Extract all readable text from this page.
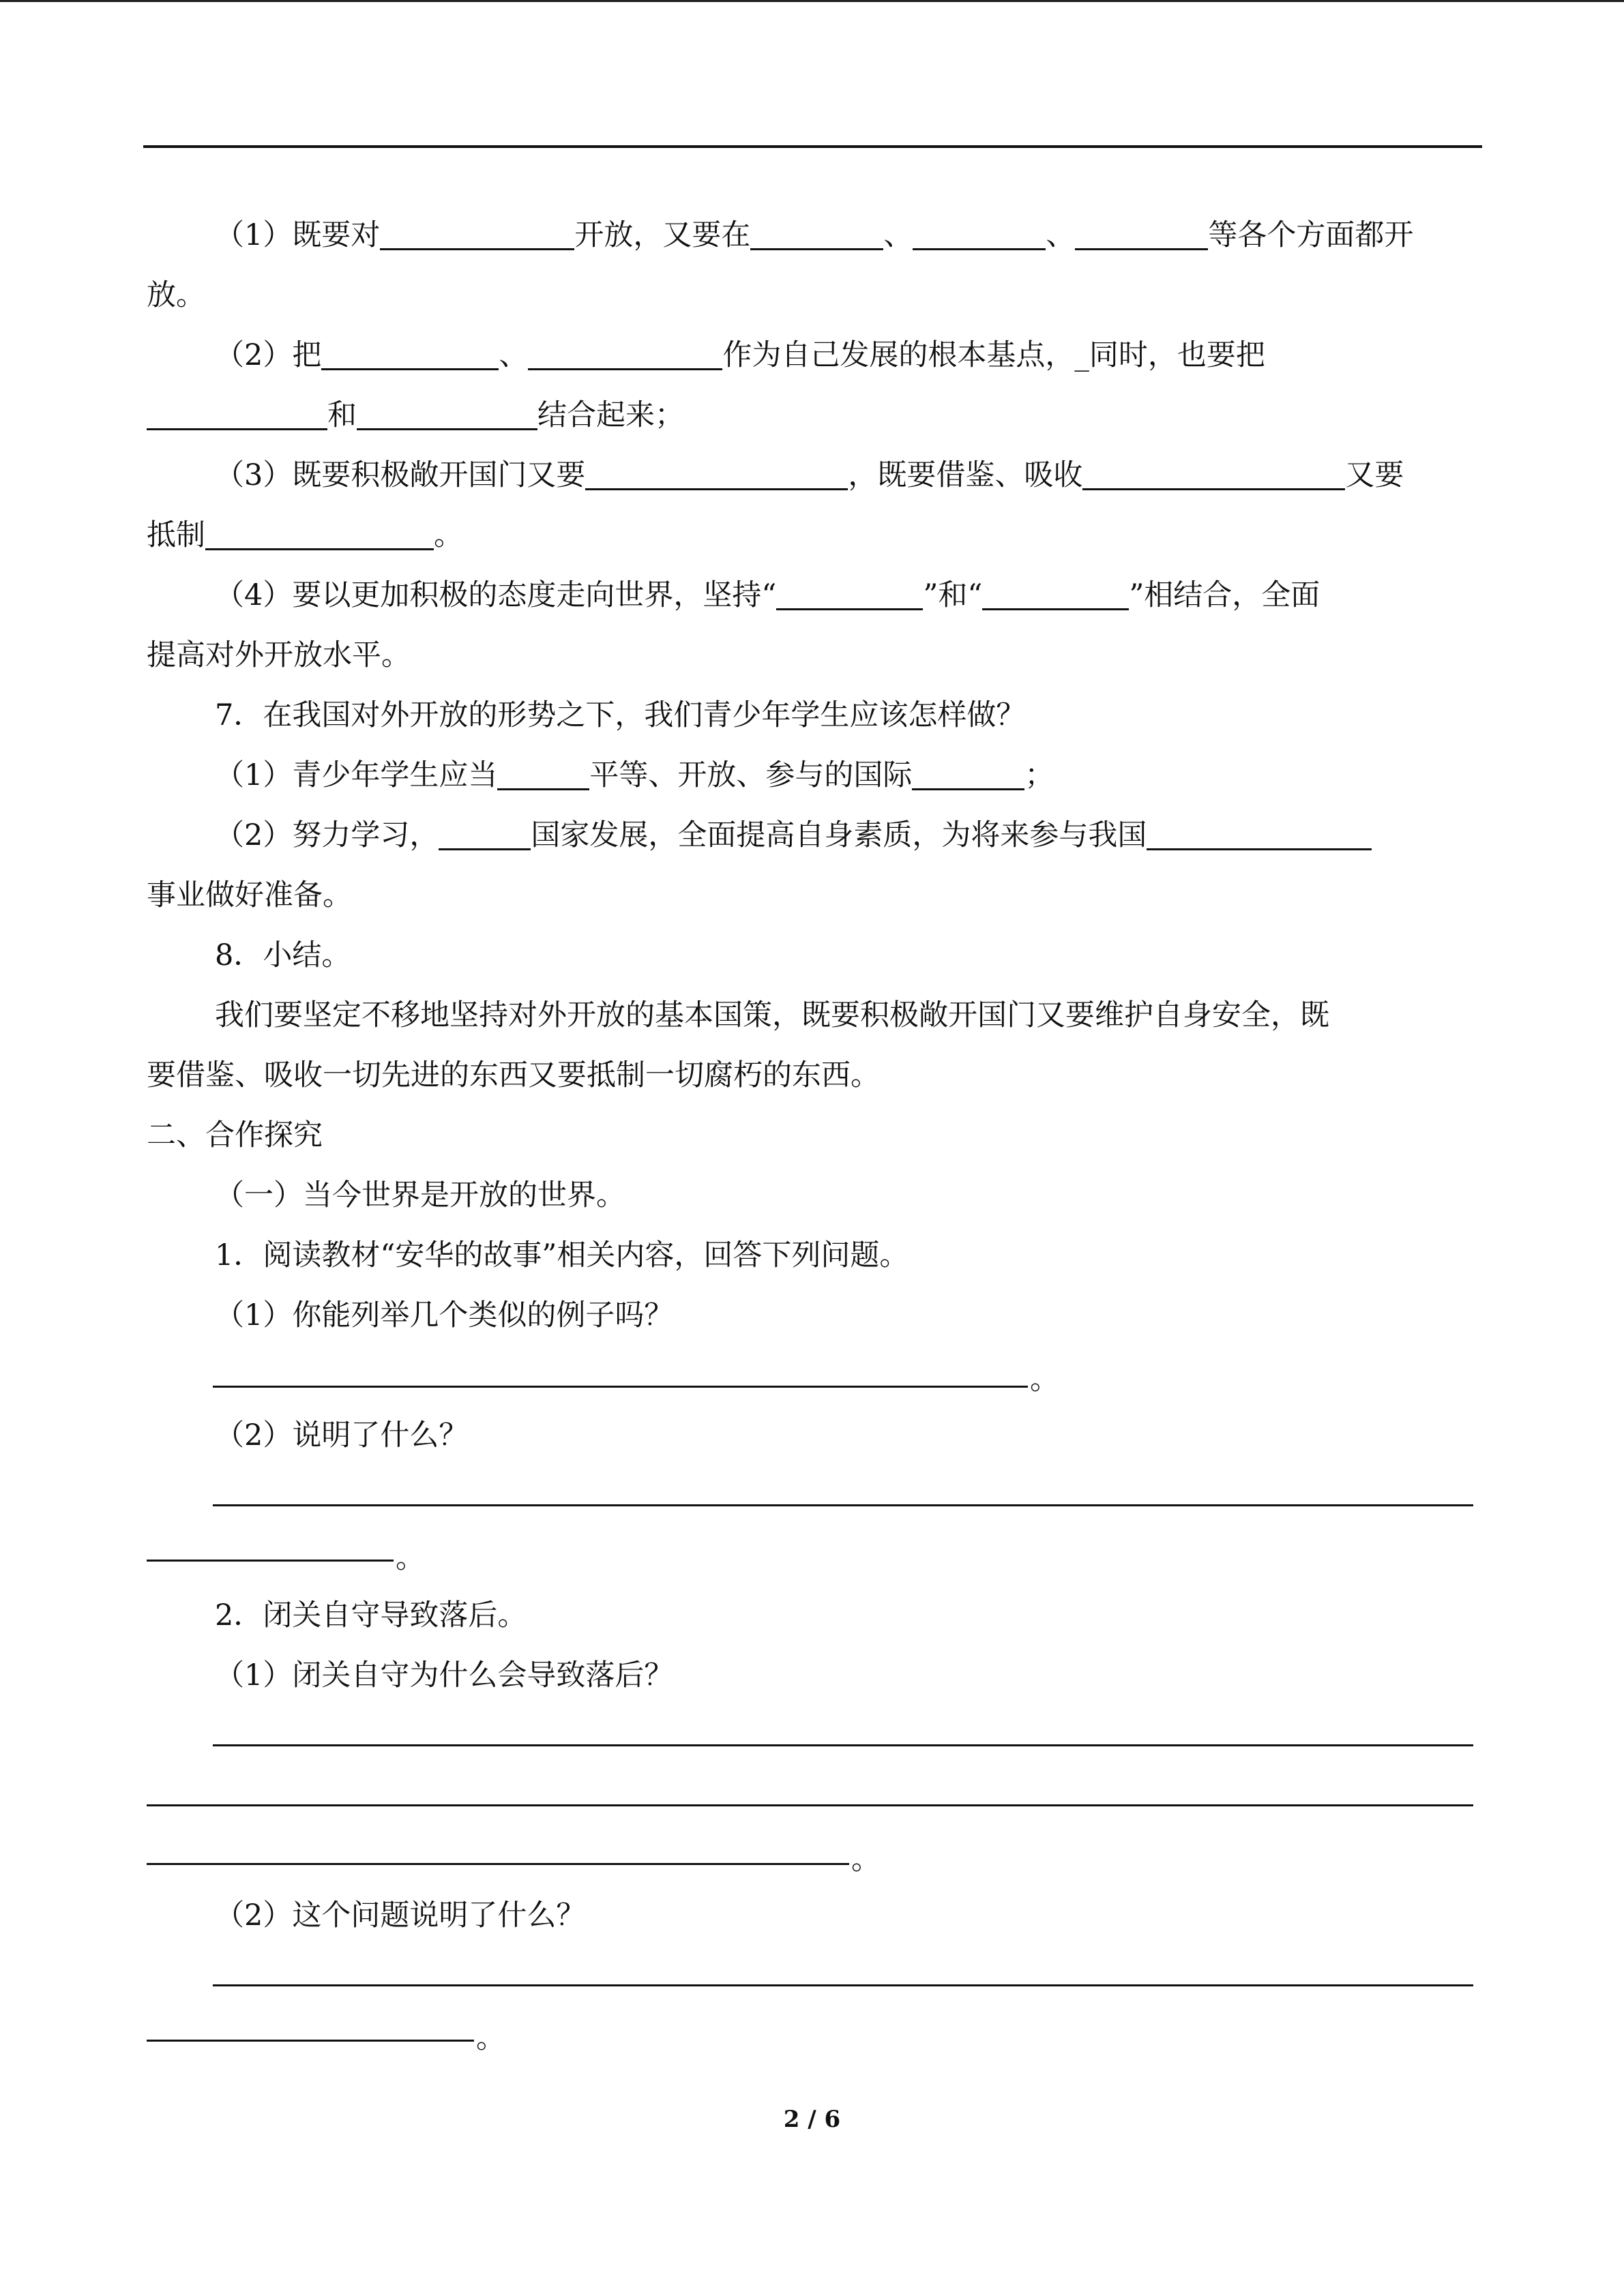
（1）既要对	开放，又要在	、	、	等各个方面都开
放。
（2）把	、	作为自己发展的根本基点，_同时，也要把
和	结合起来；
（3）既要积极敞开国门又要	，既要借鉴、吸收	又要
抵制	。
（4）要以更加积极的态度走向世界，坚持“	”和“	”相结合，全面
提高对外开放水平。
7．在我国对外开放的形势之下，我们青少年学生应该怎样做？
（1）青少年学生应当	平等、开放、参与的国际	；
（2）努力学习，	国家发展，全面提高自身素质，为将来参与我国
事业做好准备。
8．小结。
我们要坚定不移地坚持对外开放的基本国策，既要积极敞开国门又要维护自身安全，既
要借鉴、吸收一切先进的东西又要抵制一切腐朽的东西。
二、合作探究
（一）当今世界是开放的世界。
1．阅读教材“安华的故事”相关内容，回答下列问题。
（1）你能列举几个类似的例子吗？
。
（2）说明了什么？
。
2．闭关自守导致落后。
（1）闭关自守为什么会导致落后？
。
（2）这个问题说明了什么？
。
2 / 6
